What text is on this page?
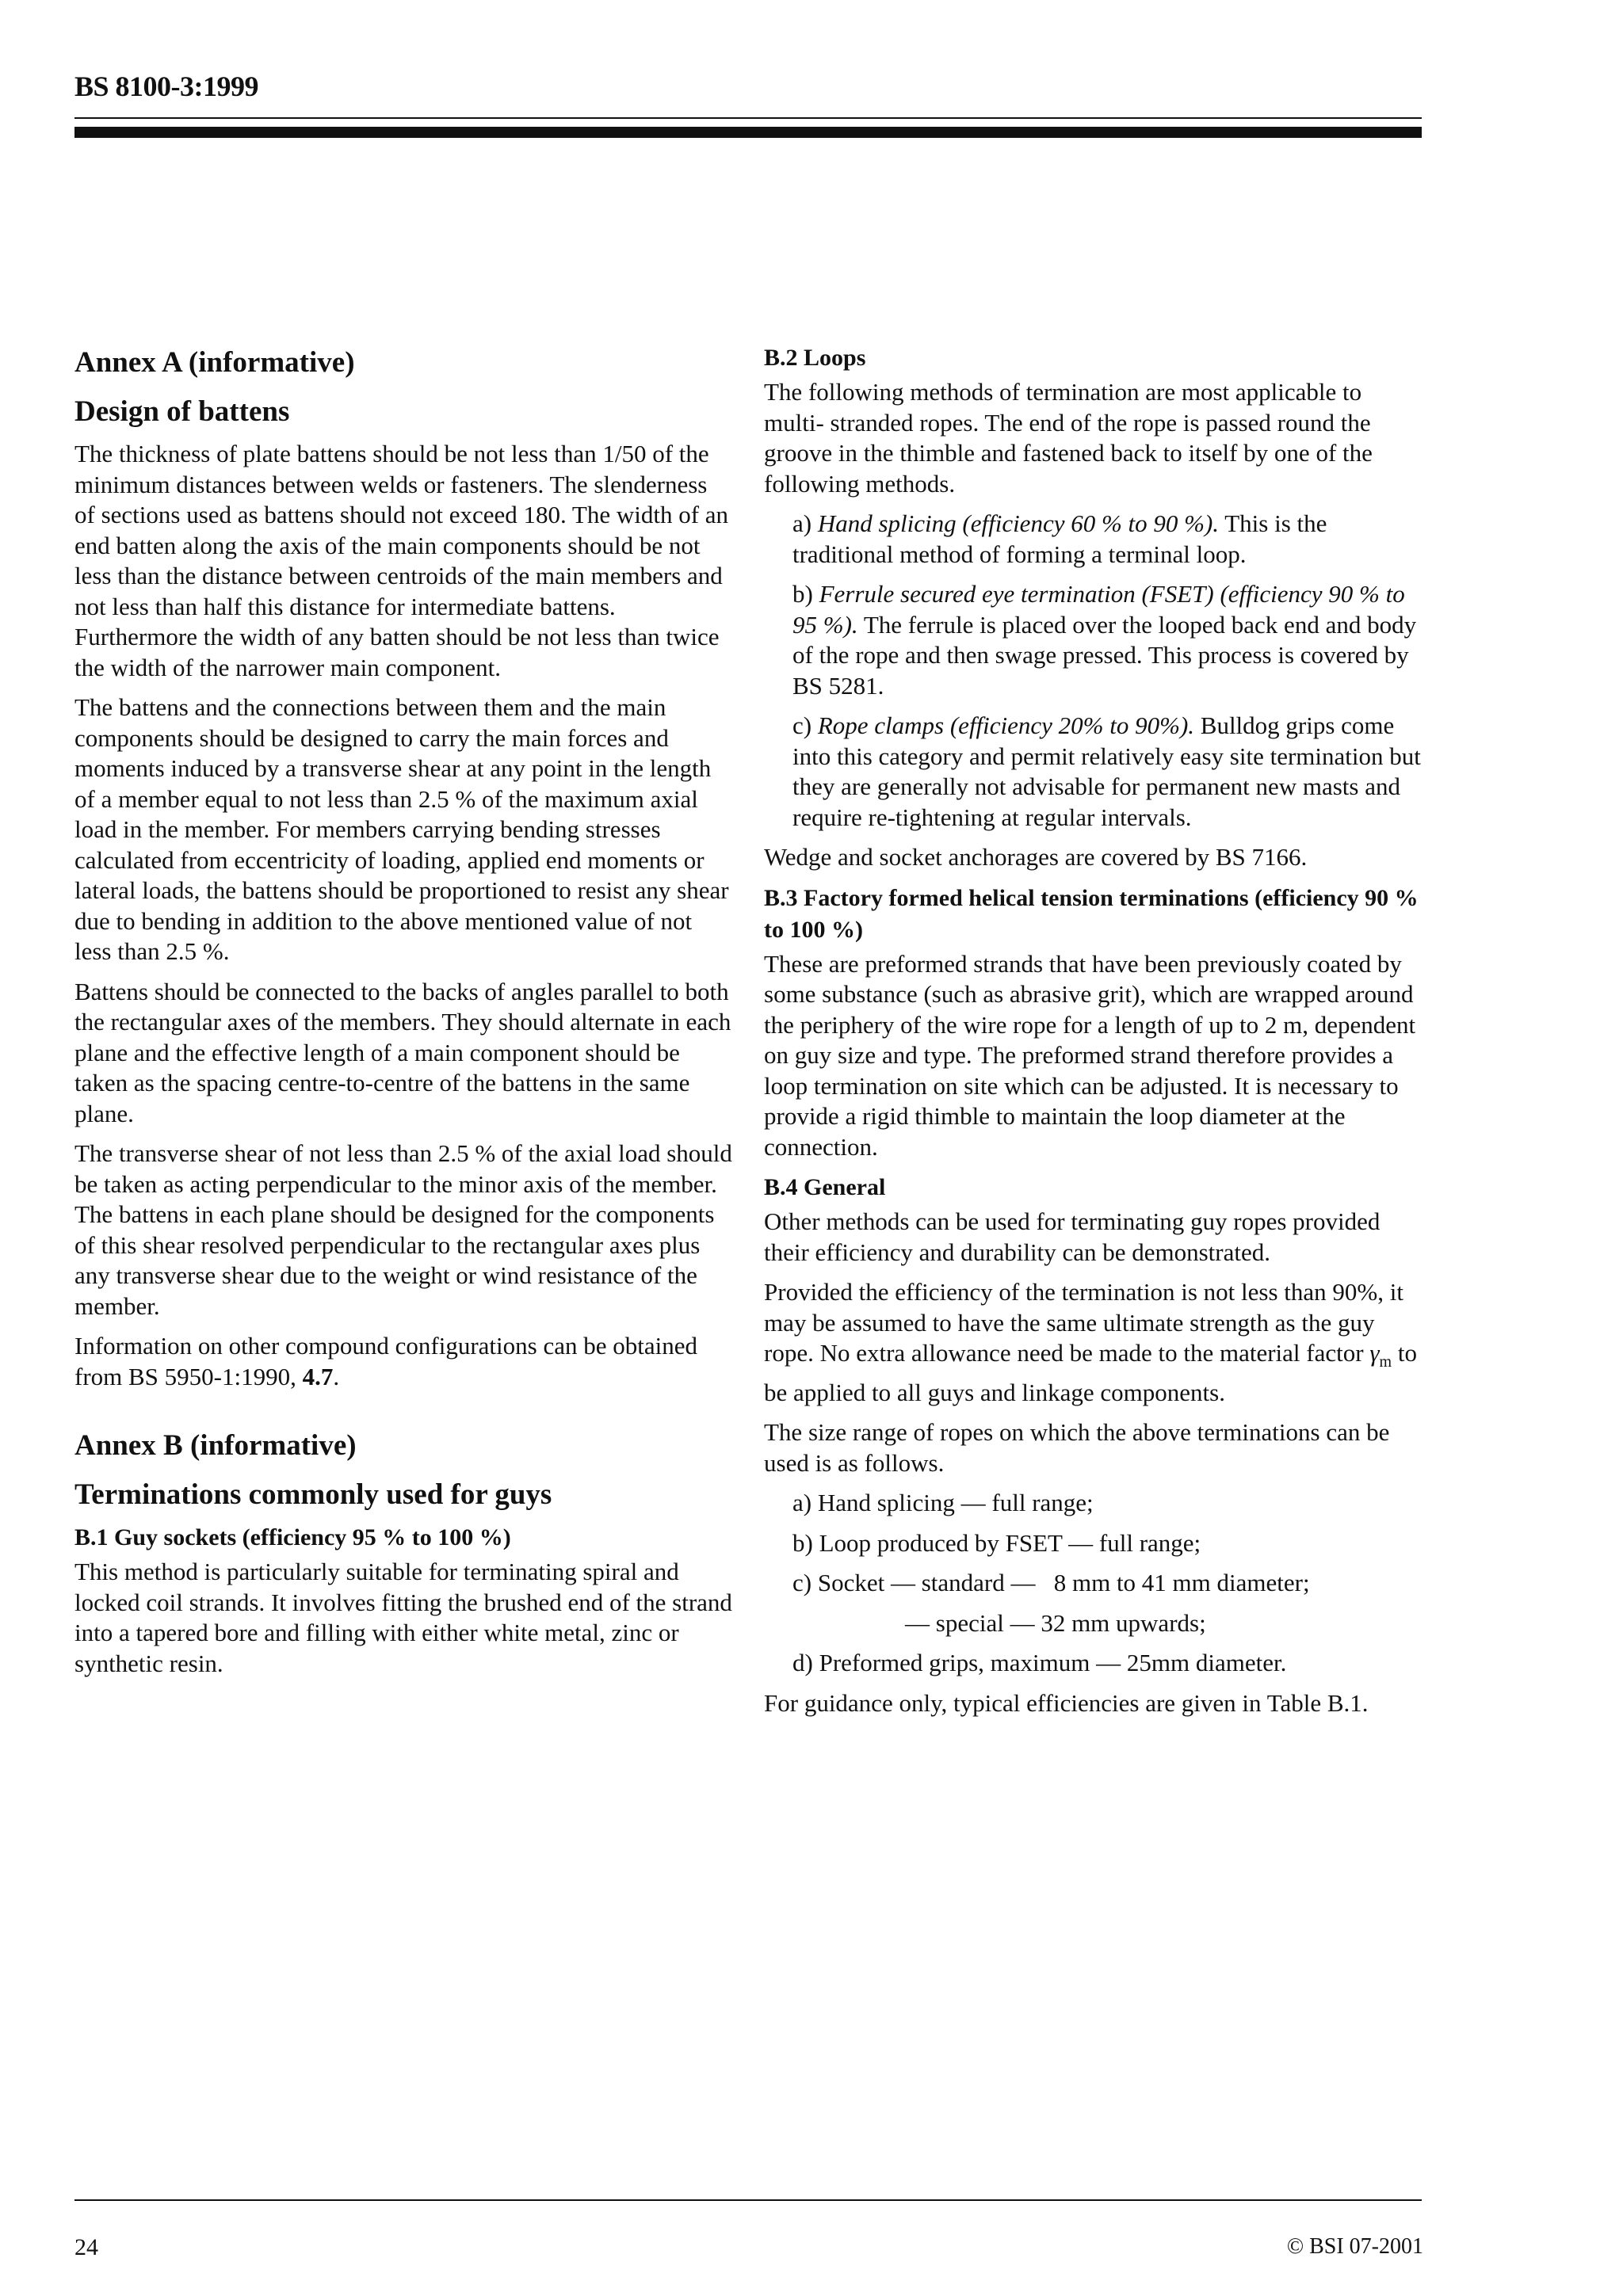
BS 8100-3:1999
Annex A (informative)
Design of battens

The thickness of plate battens should be not less than 1/50 of the minimum distances between welds or fasteners. The slenderness of sections used as battens should not exceed 180. The width of an end batten along the axis of the main components should be not less than the distance between centroids of the main members and not less than half this distance for intermediate battens. Furthermore the width of any batten should be not less than twice the width of the narrower main component.

The battens and the connections between them and the main components should be designed to carry the main forces and moments induced by a transverse shear at any point in the length of a member equal to not less than 2.5 % of the maximum axial load in the member. For members carrying bending stresses calculated from eccentricity of loading, applied end moments or lateral loads, the battens should be proportioned to resist any shear due to bending in addition to the above mentioned value of not less than 2.5 %.

Battens should be connected to the backs of angles parallel to both the rectangular axes of the members. They should alternate in each plane and the effective length of a main component should be taken as the spacing centre-to-centre of the battens in the same plane.

The transverse shear of not less than 2.5 % of the axial load should be taken as acting perpendicular to the minor axis of the member. The battens in each plane should be designed for the components of this shear resolved perpendicular to the rectangular axes plus any transverse shear due to the weight or wind resistance of the member.

Information on other compound configurations can be obtained from BS 5950-1:1990, 4.7.

Annex B (informative)
Terminations commonly used for guys
B.1 Guy sockets (efficiency 95 % to 100 %)

This method is particularly suitable for terminating spiral and locked coil strands. It involves fitting the brushed end of the strand into a tapered bore and filling with either white metal, zinc or synthetic resin.

B.2 Loops

The following methods of termination are most applicable to multi- stranded ropes. The end of the rope is passed round the groove in the thimble and fastened back to itself by one of the following methods.

a) Hand splicing (efficiency 60 % to 90 %). This is the traditional method of forming a terminal loop.

b) Ferrule secured eye termination (FSET) (efficiency 90 % to 95 %). The ferrule is placed over the looped back end and body of the rope and then swage pressed. This process is covered by BS 5281.

c) Rope clamps (efficiency 20% to 90%). Bulldog grips come into this category and permit relatively easy site termination but they are generally not advisable for permanent new masts and require re-tightening at regular intervals.

Wedge and socket anchorages are covered by BS 7166.

B.3 Factory formed helical tension terminations (efficiency 90 % to 100 %)

These are preformed strands that have been previously coated by some substance (such as abrasive grit), which are wrapped around the periphery of the wire rope for a length of up to 2 m, dependent on guy size and type. The preformed strand therefore provides a loop termination on site which can be adjusted. It is necessary to provide a rigid thimble to maintain the loop diameter at the connection.

B.4 General

Other methods can be used for terminating guy ropes provided their efficiency and durability can be demonstrated.

Provided the efficiency of the termination is not less than 90%, it may be assumed to have the same ultimate strength as the guy rope. No extra allowance need be made to the material factor $\gamma_m$ to be applied to all guys and linkage components.

The size range of ropes on which the above terminations can be used is as follows.

a) Hand splicing — full range;

b) Loop produced by FSET — full range;

c) Socket — standard —   8 mm to 41 mm diameter;

— special — 32 mm upwards;

d) Preformed grips, maximum — 25mm diameter.

For guidance only, typical efficiencies are given in Table B.1.

24	© BSI 07-2001
